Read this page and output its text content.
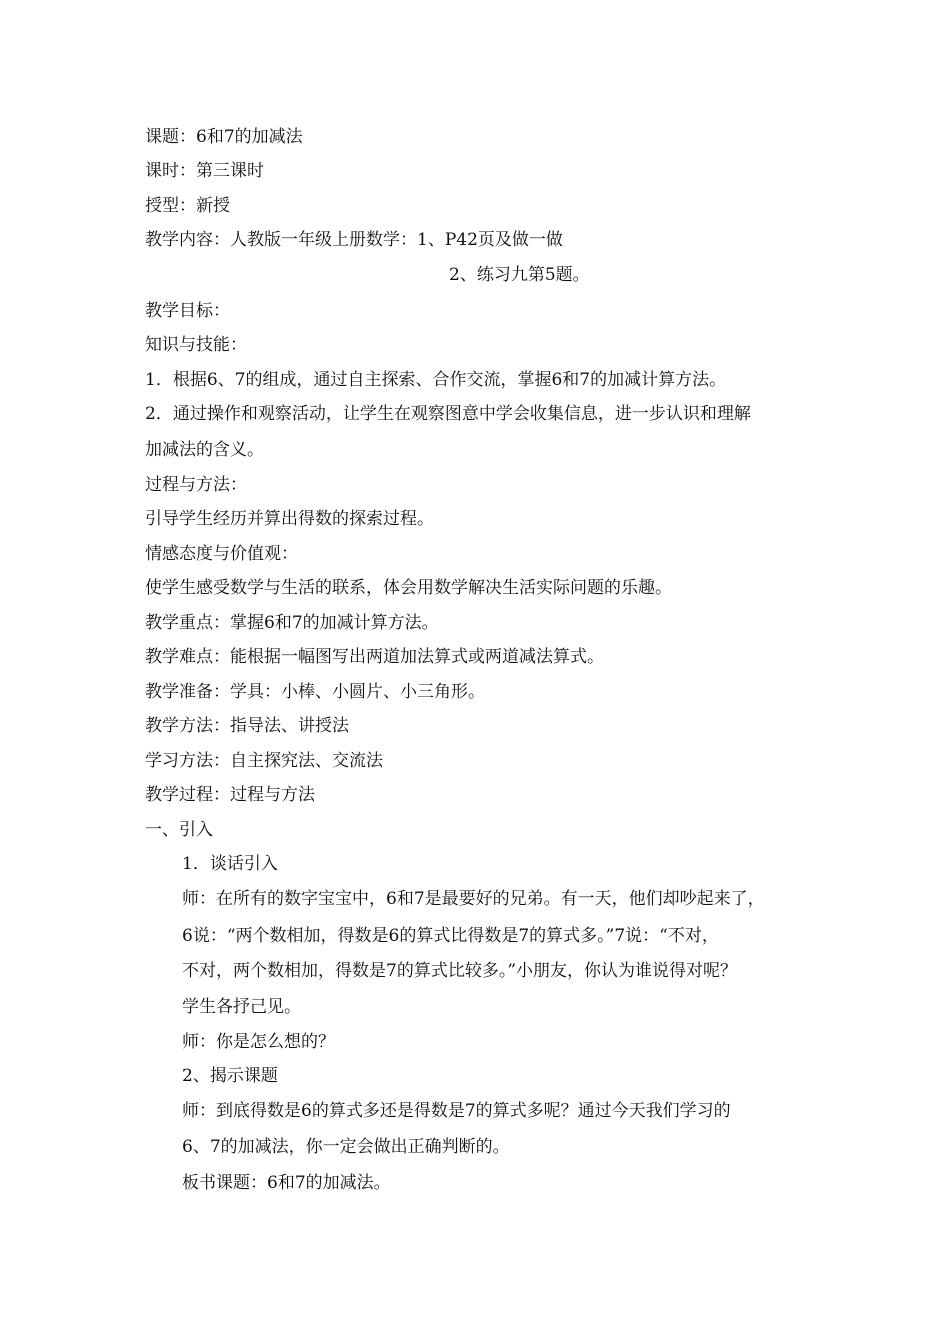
课题：6和7的加减法
课时：第三课时
授型：新授
教学内容：人教版一年级上册数学：1、P42页及做一做
2、练习九第5题。
教学目标：
知识与技能：
1．根据6、7的组成，通过自主探索、合作交流，掌握6和7的加减计算方法。
2．通过操作和观察活动，让学生在观察图意中学会收集信息，进一步认识和理解
加减法的含义。
过程与方法：
引导学生经历并算出得数的探索过程。
情感态度与价值观：
使学生感受数学与生活的联系，体会用数学解决生活实际问题的乐趣。
教学重点：掌握6和7的加减计算方法。
教学难点：能根据一幅图写出两道加法算式或两道减法算式。
教学准备：学具：小棒、小圆片、小三角形。
教学方法：指导法、讲授法
学习方法：自主探究法、交流法
教学过程：过程与方法
一、引入
1．谈话引入
师：在所有的数字宝宝中，6和7是最要好的兄弟。有一天，他们却吵起来了，
6说：“两个数相加，得数是6的算式比得数是7的算式多。”7说：“不对，
不对，两个数相加，得数是7的算式比较多。”小朋友，你认为谁说得对呢？
学生各抒己见。
师：你是怎么想的？
2、揭示课题
师：到底得数是6的算式多还是得数是7的算式多呢？通过今天我们学习的
6、7的加减法，你一定会做出正确判断的。
板书课题：6和7的加减法。
